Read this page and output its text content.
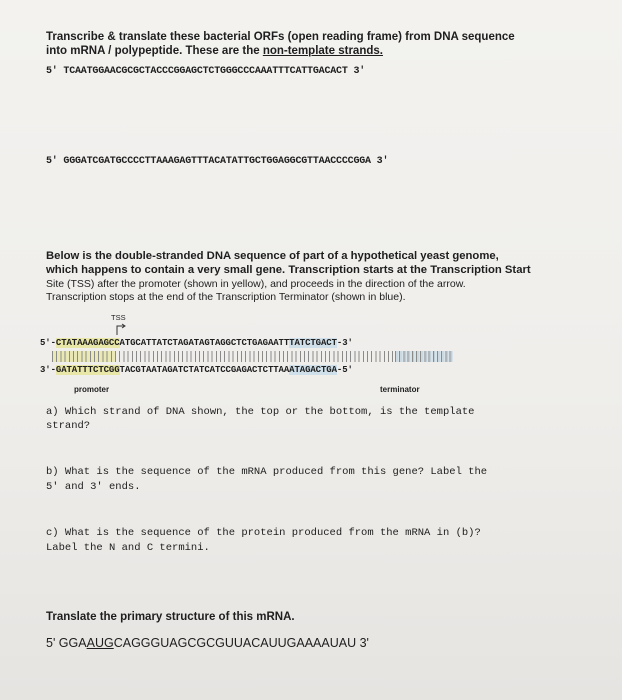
Transcribe & translate these bacterial ORFs (open reading frame) from DNA sequence
into mRNA / polypeptide. These are the non-template strands.
5' TCAATGGAACGCGCTACCCGGAGCTCTGGGCCCAAATTTCATTGACACT 3'
5' GGGATCGATGCCCCTTAAAGAGTTTACATATTGCTGGAGGCGTTAACCCCGGA 3'
Below is the double-stranded DNA sequence of part of a hypothetical yeast genome,
which happens to contain a very small gene. Transcription starts at the Transcription Start
Site (TSS) after the promoter (shown in yellow), and proceeds in the direction of the arrow.
Transcription stops at the end of the Transcription Terminator (shown in blue).
TSS
5'-CTATAAAGAGCCATGCATTATCTAGATAGTAGGCTCTGAGAATTTATCTGACT-3'
3'-GATATTTCTCGGTACGTAATAGATCTATCATCCGAGACTCTTAAATAGACTGA-5'
promoter	terminator
a) Which strand of DNA shown, the top or the bottom, is the template
strand?
b) What is the sequence of the mRNA produced from this gene? Label the
5' and 3' ends.
c) What is the sequence of the protein produced from the mRNA in (b)?
Label the N and C termini.
Translate the primary structure of this mRNA.
5' GGAAUGCAGGGUAGCGCGUUACAUUGAAAAUAU 3'
